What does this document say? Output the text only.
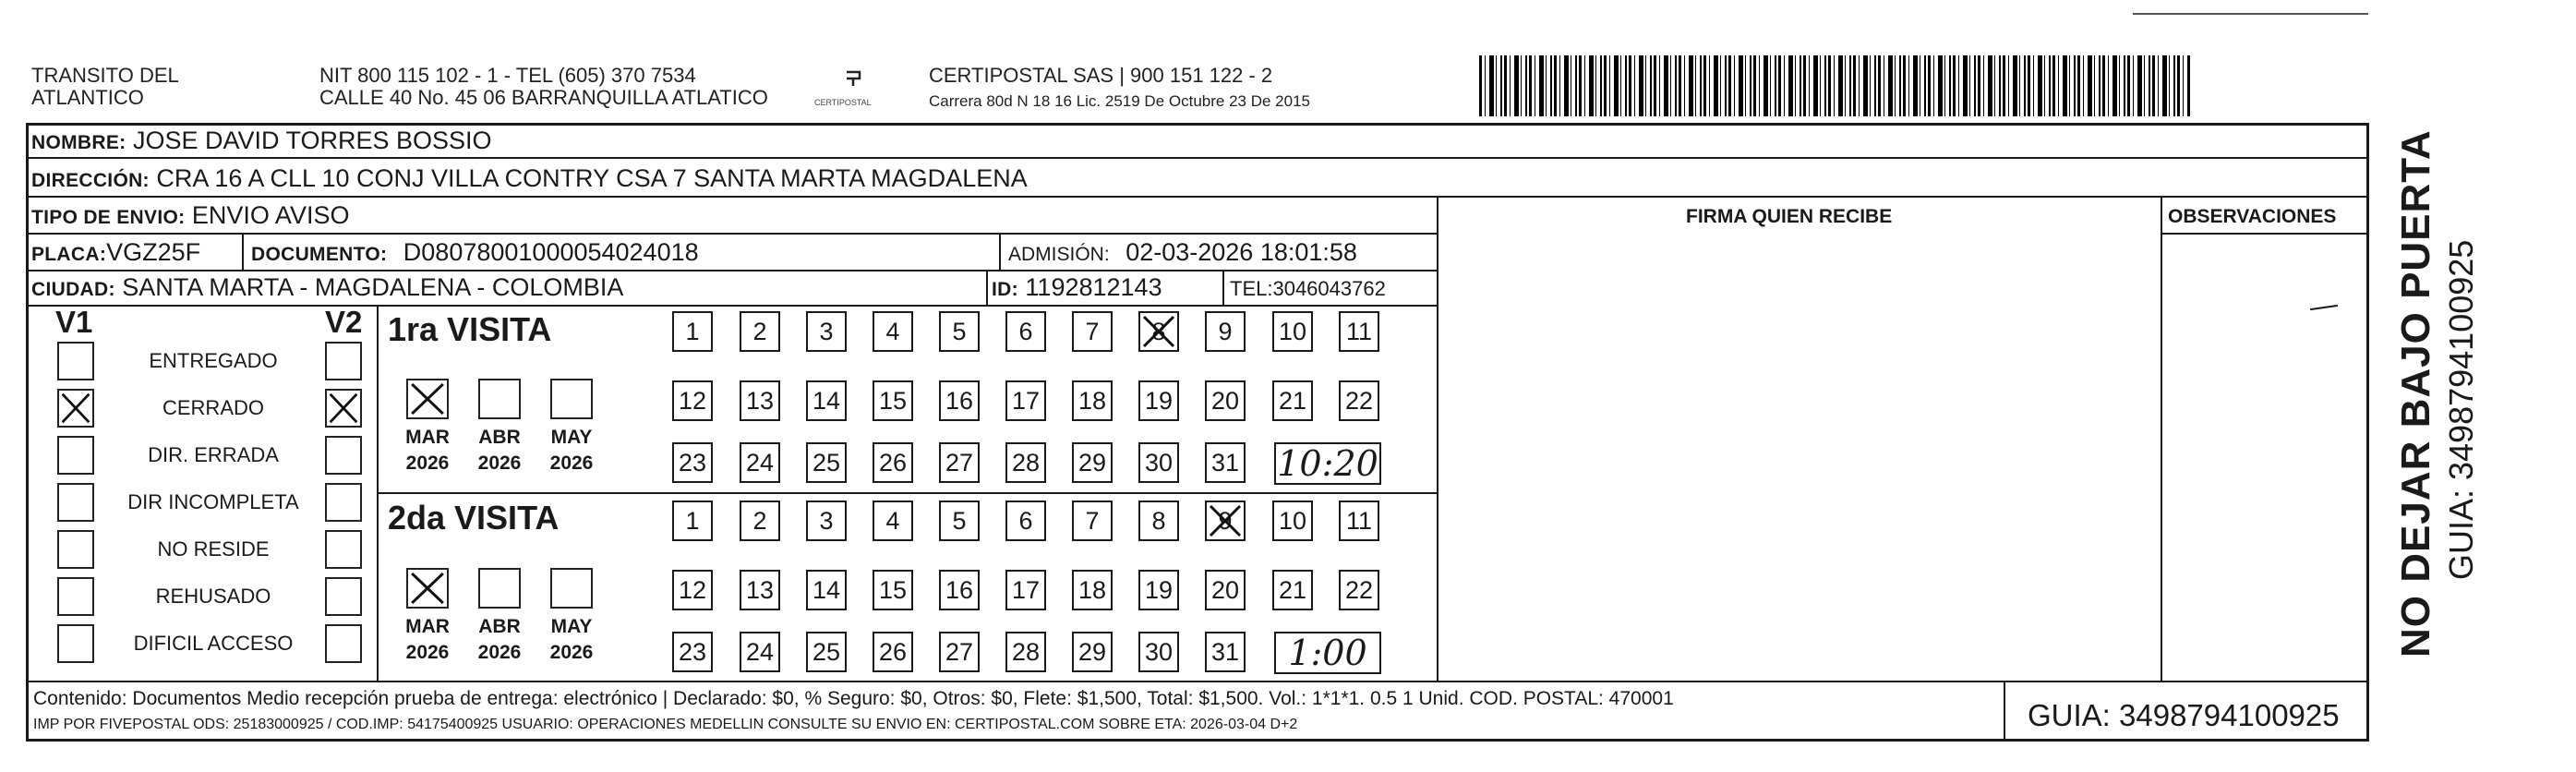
TRANSITO DEL
ATLANTICO
NIT 800 115 102 - 1 - TEL (605) 370 7534
CALLE 40 No. 45 06 BARRANQUILLA ATLATICO	CERTIPOSTAL
CERTIPOSTAL SAS | 900 151 122 - 2
Carrera 80d N 18 16 Lic. 2519 De Octubre 23 De 2015
NOMBRE: JOSE DAVID TORRES BOSSIO
DIRECCIÓN: CRA 16 A CLL 10 CONJ VILLA CONTRY CSA 7 SANTA MARTA MAGDALENA
TIPO DE ENVIO: ENVIO AVISO	FIRMA QUIEN RECIBE	OBSERVACIONES
PLACA:VGZ25F	DOCUMENTO: D08078001000054024018	ADMISIÓN: 02-03-2026 18:01:58
CIUDAD: SANTA MARTA - MAGDALENA - COLOMBIA	ID: 1192812143	TEL:3046043762
V1	V2
ENTREGADO
CERRADO
DIR. ERRADA
DIR INCOMPLETA
NO RESIDE
REHUSADO
DIFICIL ACCESO
1ra VISITA
2da VISITA
MAR
2026
ABR
2026
MAY
2026
1	2	3	4	5	6	7	8	9	10 11
12 13 14 15 16 17 18 19 20 21 22
23 24 25 26 27 28 29 30 31 10:20
MAR
2026
ABR
2026
MAY
2026
1	2	3	4	5	6	7	8	9	10 11
12 13 14 15 16 17 18 19 20 21 22
23 24 25 26 27 28 29 30 31	1:00
Contenido: Documentos Medio recepción prueba de entrega: electrónico | Declarado: $0, % Seguro: $0, Otros: $0, Flete: $1,500, Total: $1,500. Vol.: 1*1*1. 0.5 1 Unid. COD. POSTAL: 470001
IMP POR FIVEPOSTAL ODS: 25183000925 / COD.IMP: 54175400925 USUARIO: OPERACIONES MEDELLIN CONSULTE SU ENVIO EN: CERTIPOSTAL.COM SOBRE ETA: 2026-03-04 D+2	GUIA: 3498794100925
NO DEJAR BAJO PUERTA GUIA: 3498794100925
